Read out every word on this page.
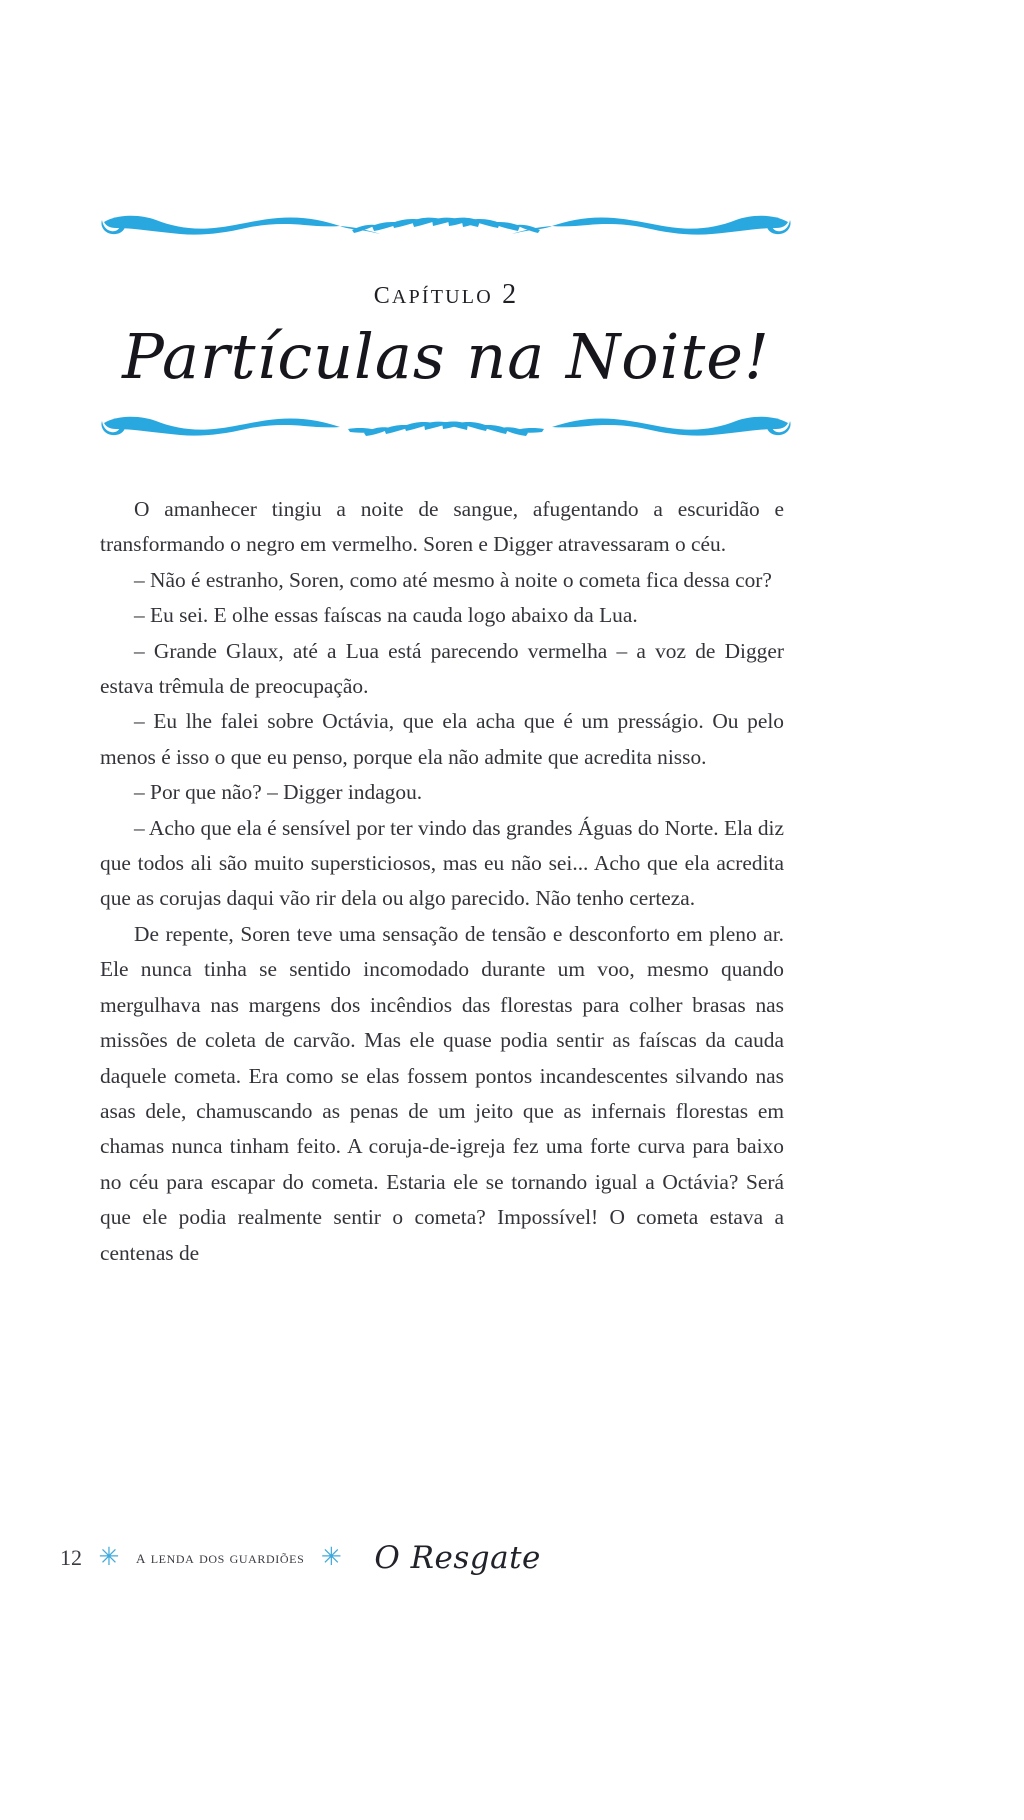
capítulo 2
Partículas na Noite!

O amanhecer tingiu a noite de sangue, afugentando a escuridão e transformando o negro em vermelho. Soren e Digger atravessaram o céu.

– Não é estranho, Soren, como até mesmo à noite o cometa fica dessa cor?

– Eu sei. E olhe essas faíscas na cauda logo abaixo da Lua.

– Grande Glaux, até a Lua está parecendo vermelha – a voz de Digger estava trêmula de preocupação.

– Eu lhe falei sobre Octávia, que ela acha que é um presságio. Ou pelo menos é isso o que eu penso, porque ela não admite que acredita nisso.

– Por que não? – Digger indagou.

– Acho que ela é sensível por ter vindo das grandes Águas do Norte. Ela diz que todos ali são muito supersticiosos, mas eu não sei... Acho que ela acredita que as corujas daqui vão rir dela ou algo parecido. Não tenho certeza.

De repente, Soren teve uma sensação de tensão e desconforto em pleno ar. Ele nunca tinha se sentido incomodado durante um voo, mesmo quando mergulhava nas margens dos incêndios das florestas para colher brasas nas missões de coleta de carvão. Mas ele quase podia sentir as faíscas da cauda daquele cometa. Era como se elas fossem pontos incandescentes silvando nas asas dele, chamuscando as penas de um jeito que as infernais florestas em chamas nunca tinham feito. A coruja-de-igreja fez uma forte curva para baixo no céu para escapar do cometa. Estaria ele se tornando igual a Octávia? Será que ele podia realmente sentir o cometa? Impossível! O cometa estava a centenas de

12 ✳ a lenda dos guardiões ✳ O Resgate
